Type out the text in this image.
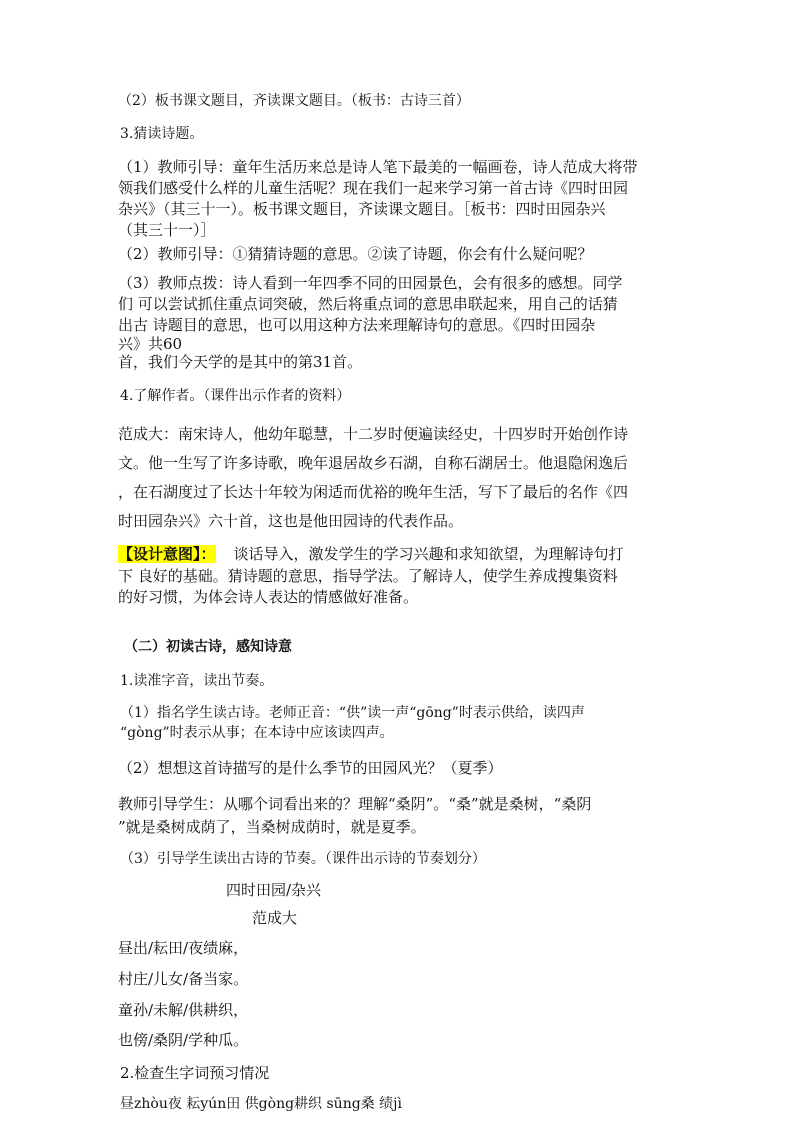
（2）板书课文题目，齐读课文题目。（板书：古诗三首）
3.猜读诗题。
（1）教师引导：童年生活历来总是诗人笔下最美的一幅画卷，诗人范成大将带
领我们感受什么样的儿童生活呢？现在我们一起来学习第一首古诗《四时田园
杂兴》（其三十一）。板书课文题目，齐读课文题目。［板书：四时田园杂兴
（其三十一）］
（2）教师引导：①猜猜诗题的意思。②读了诗题，你会有什么疑问呢？
（3）教师点拨：诗人看到一年四季不同的田园景色，会有很多的感想。同学
们 可以尝试抓住重点词突破，然后将重点词的意思串联起来，用自己的话猜
出古 诗题目的意思，也可以用这种方法来理解诗句的意思。《四时田园杂
兴》共60
首，我们今天学的是其中的第31首。
4.了解作者。（课件出示作者的资料）
范成大：南宋诗人，他幼年聪慧，十二岁时便遍读经史，十四岁时开始创作诗
文。他一生写了许多诗歌，晚年退居故乡石湖，自称石湖居士。他退隐闲逸后
，在石湖度过了长达十年较为闲适而优裕的晚年生活，写下了最后的名作《四
时田园杂兴》六十首，这也是他田园诗的代表作品。
【设计意图】： 谈话导入，激发学生的学习兴趣和求知欲望，为理解诗句打
下 良好的基础。猜诗题的意思，指导学法。了解诗人，使学生养成搜集资料
的好习惯，为体会诗人表达的情感做好准备。
（二）初读古诗，感知诗意
1.读准字音，读出节奏。
（1）指名学生读古诗。老师正音：“供”读一声“gōng”时表示供给，读四声
“gòng”时表示从事；在本诗中应该读四声。
（2）想想这首诗描写的是什么季节的田园风光？（夏季）
教师引导学生：从哪个词看出来的？理解“桑阴”。“桑”就是桑树，“桑阴
”就是桑树成荫了，当桑树成荫时，就是夏季。
（3）引导学生读出古诗的节奏。（课件出示诗的节奏划分）
四时田园/杂兴
范成大
昼出/耘田/夜绩麻，
村庄/儿女/备当家。
童孙/未解/供耕织，
也傍/桑阴/学种瓜。
2.检查生字词预习情况
昼zhòu夜 耘yún田 供gòng耕织 sūng桑 绩jì
